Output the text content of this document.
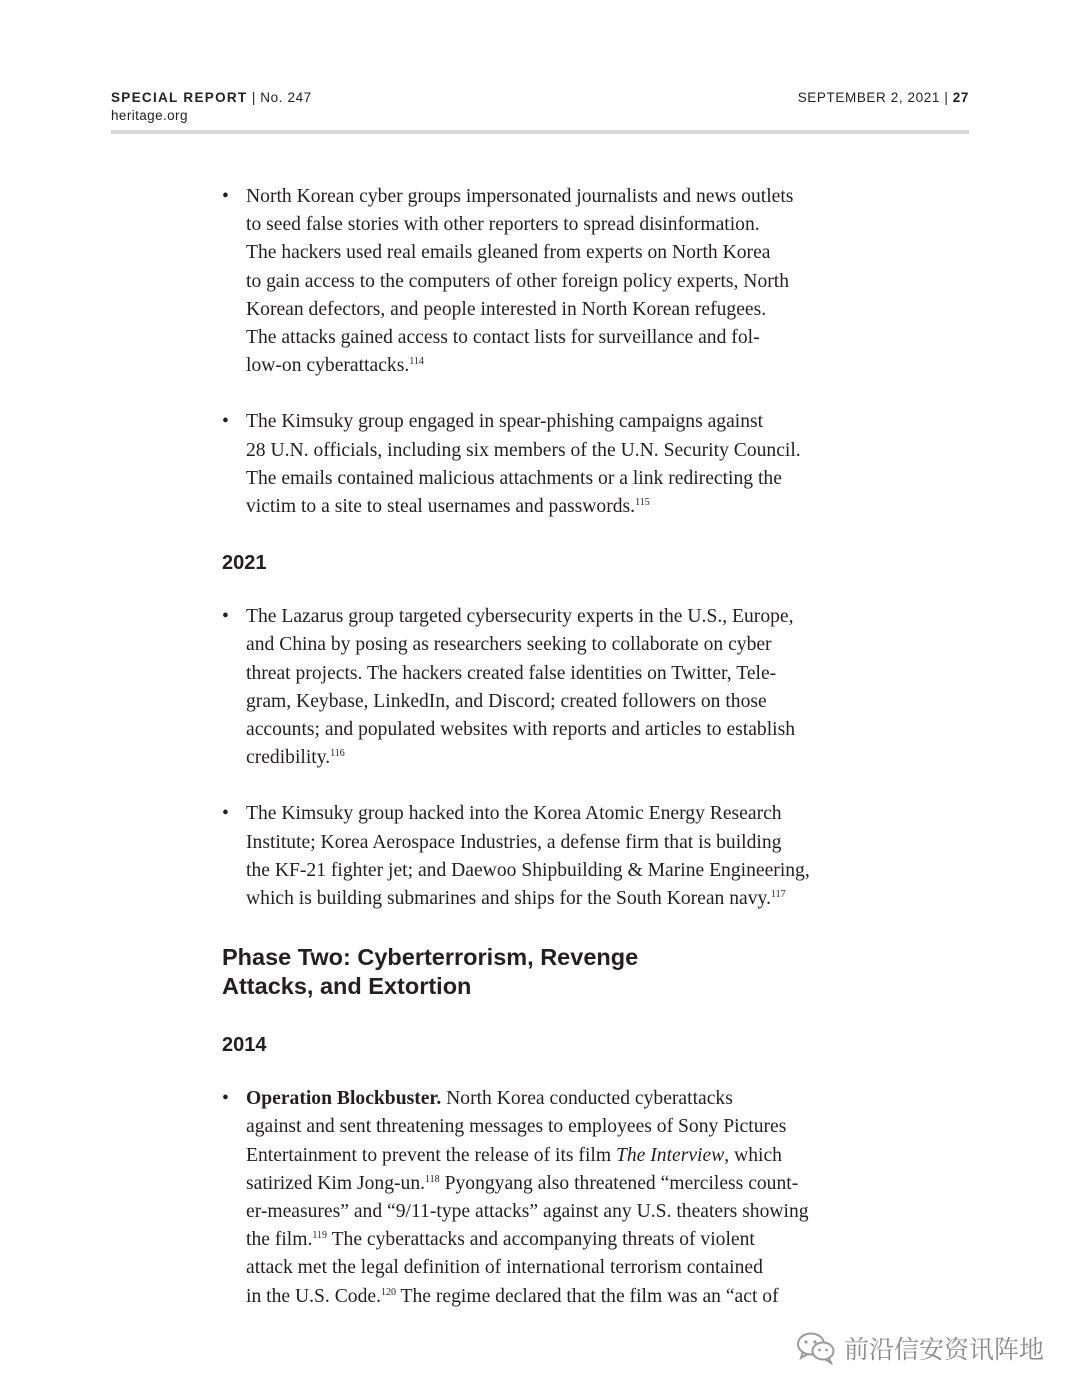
SPECIAL REPORT | No. 247
heritage.org
SEPTEMBER 2, 2021 | 27
• North Korean cyber groups impersonated journalists and news outlets
to seed false stories with other reporters to spread disinformation.
The hackers used real emails gleaned from experts on North Korea
to gain access to the computers of other foreign policy experts, North
Korean defectors, and people interested in North Korean refugees.
The attacks gained access to contact lists for surveillance and fol-
low-on cyberattacks.$^{114}$

• The Kimsuky group engaged in spear-phishing campaigns against
28 U.N. officials, including six members of the U.N. Security Council.
The emails contained malicious attachments or a link redirecting the
victim to a site to steal usernames and passwords.$^{115}$

2021
• The Lazarus group targeted cybersecurity experts in the U.S., Europe,
and China by posing as researchers seeking to collaborate on cyber
threat projects. The hackers created false identities on Twitter, Tele-
gram, Keybase, LinkedIn, and Discord; created followers on those
accounts; and populated websites with reports and articles to establish
credibility.$^{116}$

• The Kimsuky group hacked into the Korea Atomic Energy Research
Institute; Korea Aerospace Industries, a defense firm that is building
the KF-21 fighter jet; and Daewoo Shipbuilding & Marine Engineering,
which is building submarines and ships for the South Korean navy.$^{117}$

Phase Two: Cyberterrorism, Revenge
Attacks, and Extortion
2014
• Operation Blockbuster. North Korea conducted cyberattacks
against and sent threatening messages to employees of Sony Pictures
Entertainment to prevent the release of its film The Interview, which
satirized Kim Jong-un.$^{118}$ Pyongyang also threatened “merciless count-
er-measures” and “9/11-type attacks” against any U.S. theaters showing
the film.$^{119}$ The cyberattacks and accompanying threats of violent
attack met the legal definition of international terrorism contained
in the U.S. Code.$^{120}$ The regime declared that the film was an “act of

前沿信安资讯阵地
